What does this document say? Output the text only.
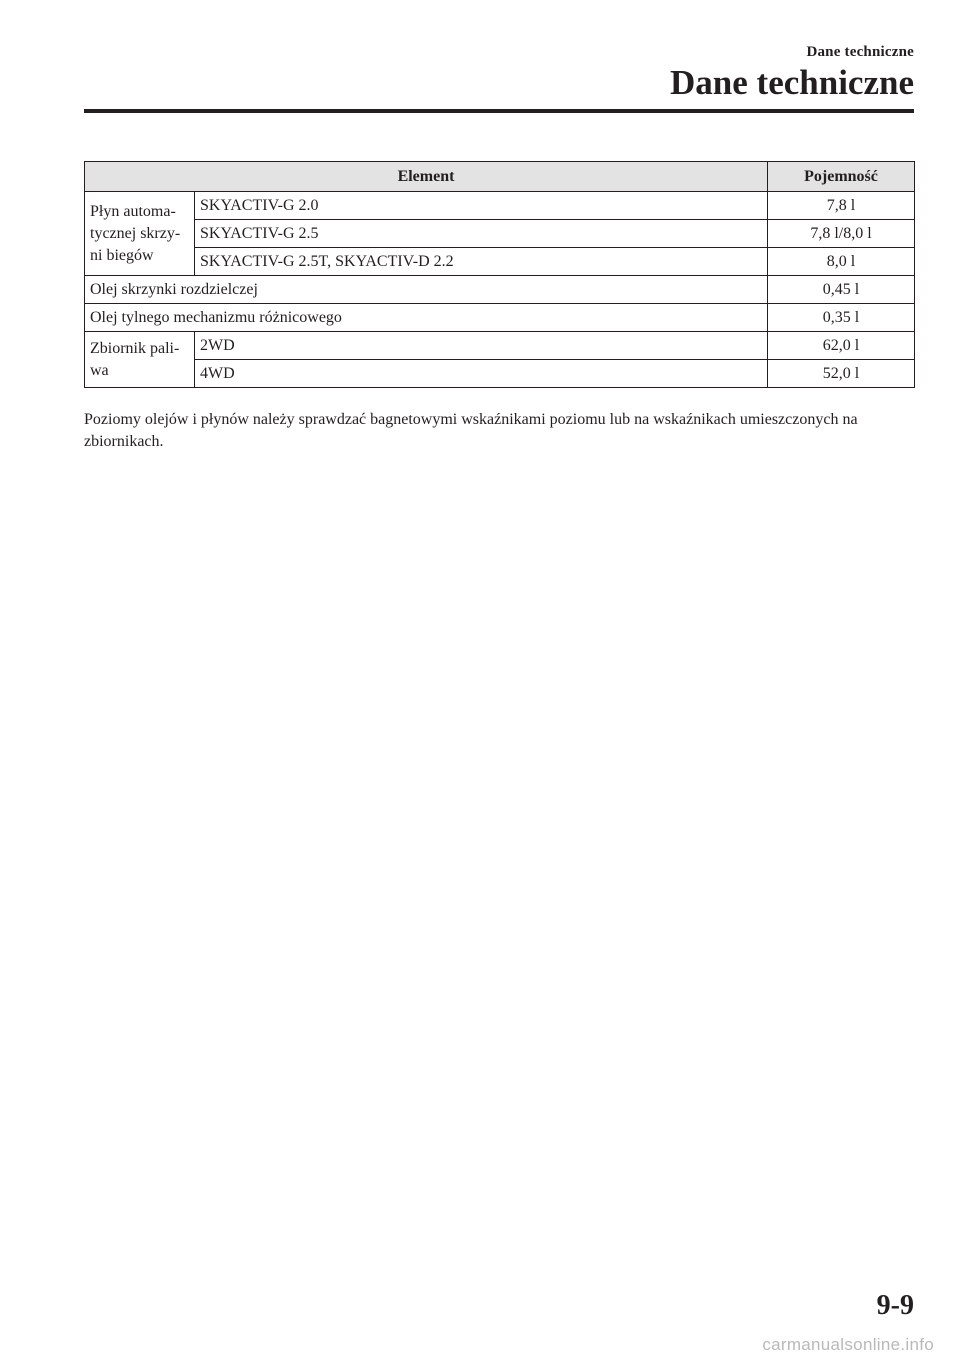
Dane techniczne
Dane techniczne
Element		Pojemność
Płyn automa-
tycznej skrzy-
ni biegów	SKYACTIV-G 2.0	7,8 l
	SKYACTIV-G 2.5	7,8 l/8,0 l
	SKYACTIV-G 2.5T, SKYACTIV-D 2.2	8,0 l
Olej skrzynki rozdzielczej		0,45 l
Olej tylnego mechanizmu różnicowego		0,35 l
Zbiornik pali-
wa	2WD	62,0 l
	4WD	52,0 l

Poziomy olejów i płynów należy sprawdzać bagnetowymi wskaźnikami poziomu lub na wskaźnikach umieszczonych na zbiornikach.

9-9
carmanualsonline.info
